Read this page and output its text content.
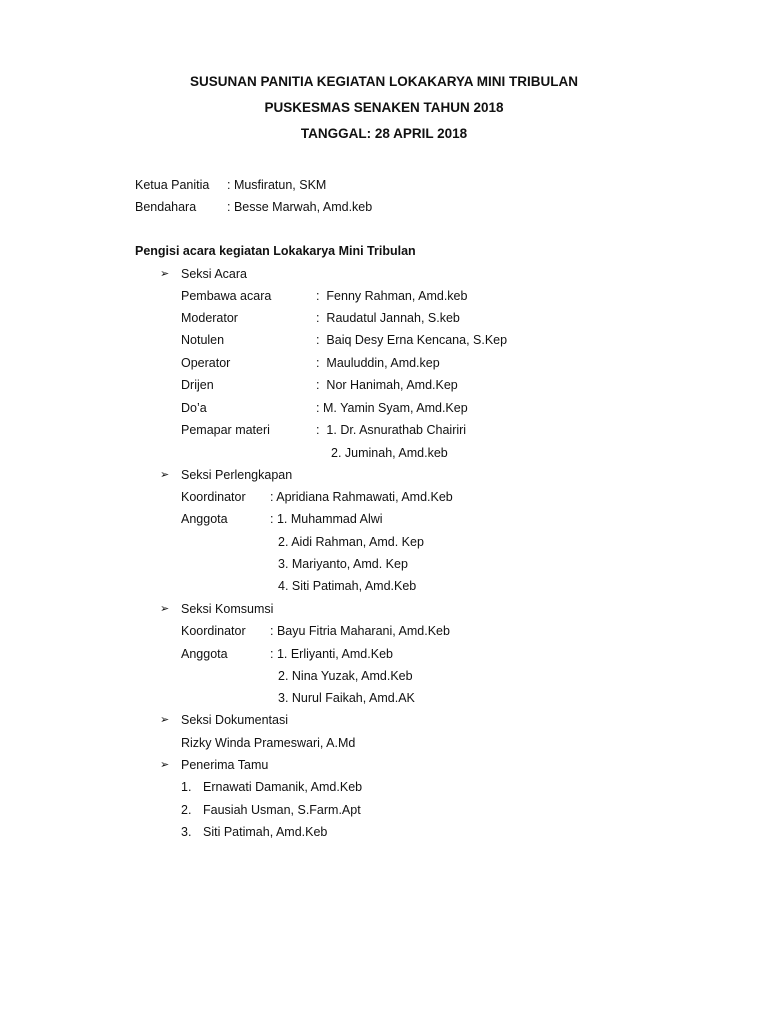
SUSUNAN PANITIA KEGIATAN LOKAKARYA MINI TRIBULAN
PUSKESMAS SENAKEN TAHUN 2018
TANGGAL: 28 APRIL 2018
Ketua Panitia : Musfiratun, SKM
Bendahara : Besse Marwah, Amd.keb
Pengisi acara kegiatan Lokakarya Mini Tribulan
➢ Seksi Acara
Pembawa acara	:  Fenny Rahman, Amd.keb
Moderator	:  Raudatul Jannah, S.keb
Notulen	:  Baiq Desy Erna Kencana, S.Kep
Operator	:  Mauluddin, Amd.kep
Drijen	:  Nor Hanimah, Amd.Kep
Do’a	: M. Yamin Syam, Amd.Kep
Pemapar materi	:  1. Dr. Asnurathab Chairiri
2. Juminah, Amd.keb
➢ Seksi Perlengkapan
Koordinator : Apridiana Rahmawati, Amd.Keb
Anggota	: 1. Muhammad Alwi
2. Aidi Rahman, Amd. Kep
3. Mariyanto, Amd. Kep
4. Siti Patimah, Amd.Keb
➢ Seksi Komsumsi
Koordinator : Bayu Fitria Maharani, Amd.Keb
Anggota	: 1. Erliyanti, Amd.Keb
2. Nina Yuzak, Amd.Keb
3. Nurul Faikah, Amd.AK
➢ Seksi Dokumentasi
Rizky Winda Prameswari, A.Md
➢ Penerima Tamu
1. Ernawati Damanik, Amd.Keb
2. Fausiah Usman, S.Farm.Apt
3. Siti Patimah, Amd.Keb
